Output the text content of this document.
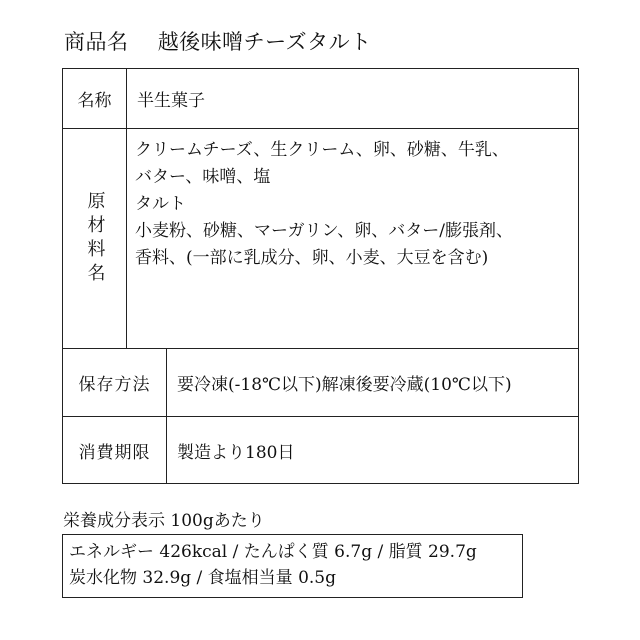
商品名 越後味噌チーズタルト
名称	半生菓子
原材料名
クリームチーズ、生クリーム、卵、砂糖、牛乳、
バター、味噌、塩
タルト
小麦粉、砂糖、マーガリン、卵、バター/膨張剤、
香料、(一部に乳成分、卵、小麦、大豆を含む)
保存方法	要冷凍(-18℃以下)解凍後要冷蔵(10℃以下)
消費期限	製造より180日
栄養成分表示 100gあたり
エネルギー 426kcal / たんぱく質 6.7g / 脂質 29.7g
炭水化物 32.9g / 食塩相当量 0.5g
